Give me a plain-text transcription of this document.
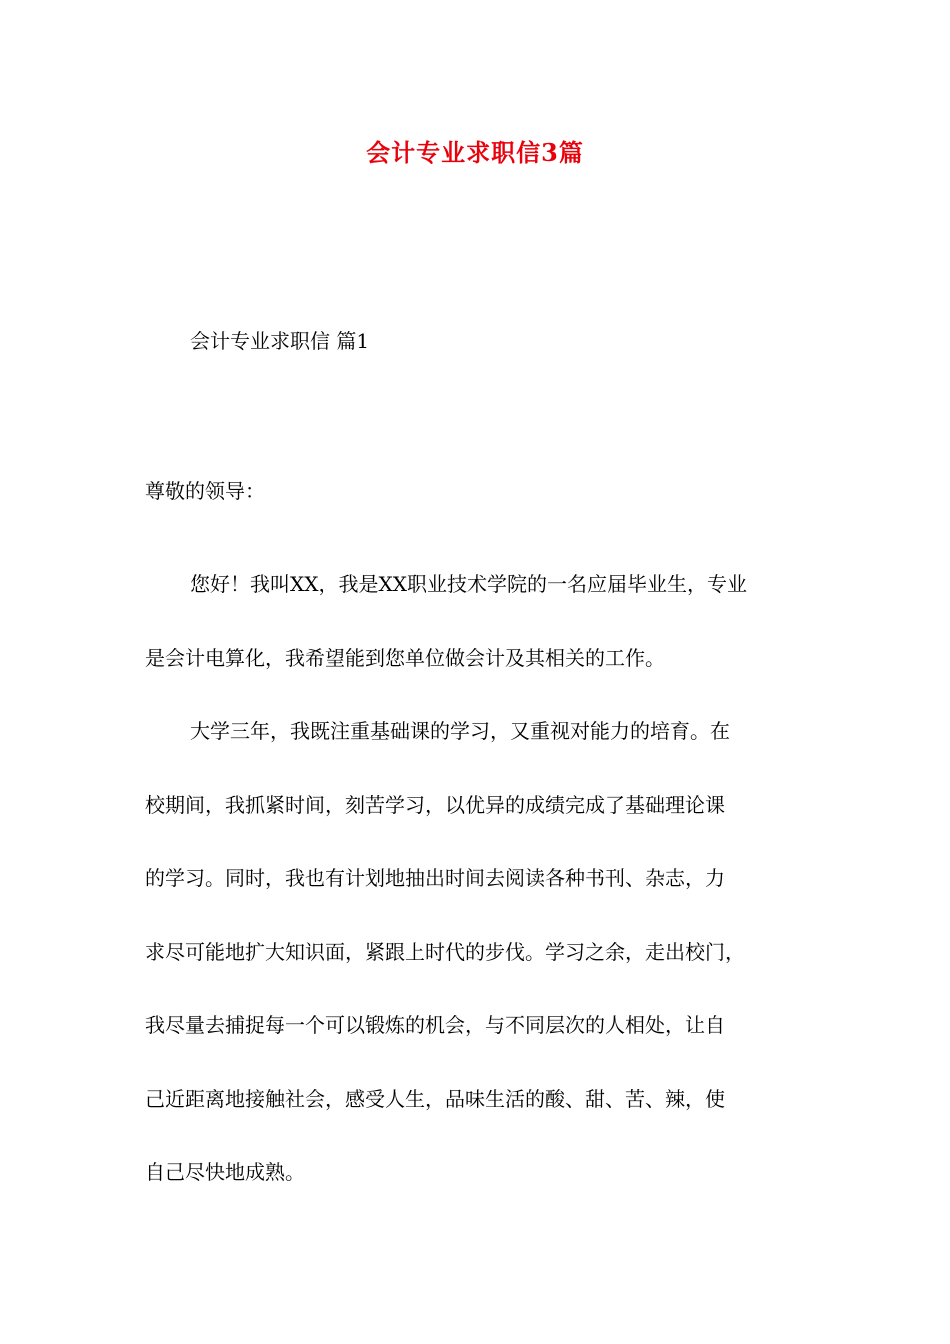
会计专业求职信3篇
会计专业求职信 篇1
尊敬的领导：
您好！我叫XX，我是XX职业技术学院的一名应届毕业生，专业
是会计电算化，我希望能到您单位做会计及其相关的工作。
大学三年，我既注重基础课的学习，又重视对能力的培育。在
校期间，我抓紧时间，刻苦学习，以优异的成绩完成了基础理论课
的学习。同时，我也有计划地抽出时间去阅读各种书刊、杂志，力
求尽可能地扩大知识面，紧跟上时代的步伐。学习之余，走出校门，
我尽量去捕捉每一个可以锻炼的机会，与不同层次的人相处，让自
己近距离地接触社会，感受人生，品味生活的酸、甜、苦、辣，使
自己尽快地成熟。
